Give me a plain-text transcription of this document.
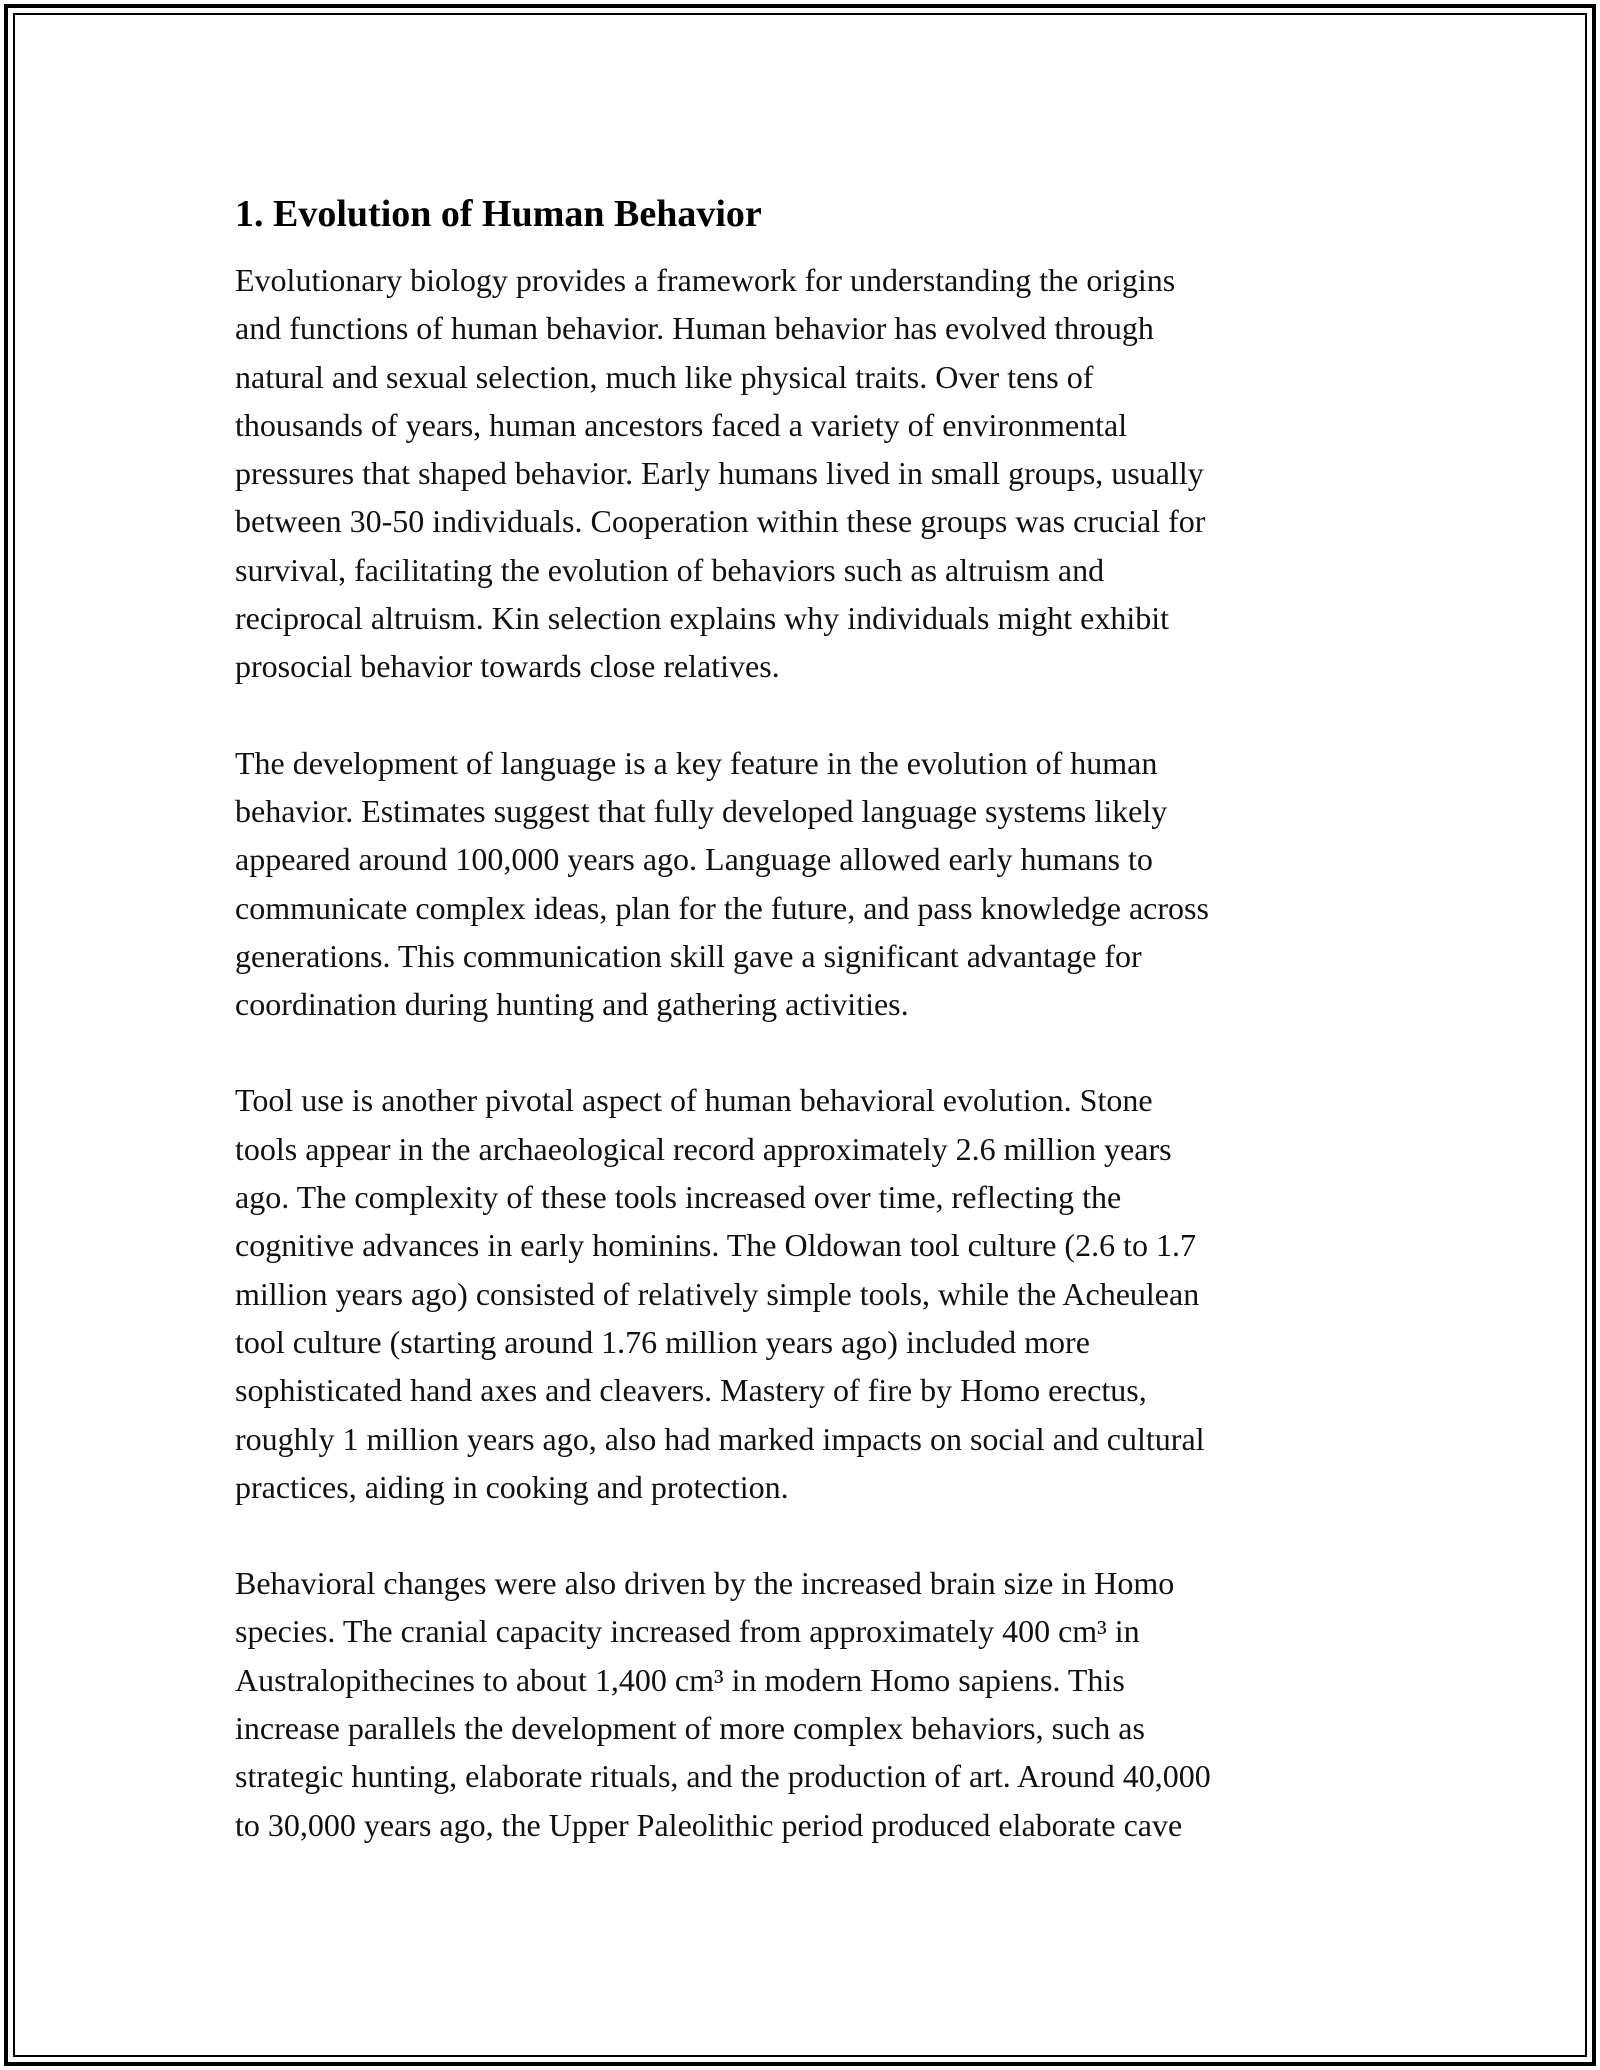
1. Evolution of Human Behavior

Evolutionary biology provides a framework for understanding the origins
and functions of human behavior. Human behavior has evolved through
natural and sexual selection, much like physical traits. Over tens of
thousands of years, human ancestors faced a variety of environmental
pressures that shaped behavior. Early humans lived in small groups, usually
between 30-50 individuals. Cooperation within these groups was crucial for
survival, facilitating the evolution of behaviors such as altruism and
reciprocal altruism. Kin selection explains why individuals might exhibit
prosocial behavior towards close relatives.

The development of language is a key feature in the evolution of human
behavior. Estimates suggest that fully developed language systems likely
appeared around 100,000 years ago. Language allowed early humans to
communicate complex ideas, plan for the future, and pass knowledge across
generations. This communication skill gave a significant advantage for
coordination during hunting and gathering activities.

Tool use is another pivotal aspect of human behavioral evolution. Stone
tools appear in the archaeological record approximately 2.6 million years
ago. The complexity of these tools increased over time, reflecting the
cognitive advances in early hominins. The Oldowan tool culture (2.6 to 1.7
million years ago) consisted of relatively simple tools, while the Acheulean
tool culture (starting around 1.76 million years ago) included more
sophisticated hand axes and cleavers. Mastery of fire by Homo erectus,
roughly 1 million years ago, also had marked impacts on social and cultural
practices, aiding in cooking and protection.

Behavioral changes were also driven by the increased brain size in Homo
species. The cranial capacity increased from approximately 400 cm³ in
Australopithecines to about 1,400 cm³ in modern Homo sapiens. This
increase parallels the development of more complex behaviors, such as
strategic hunting, elaborate rituals, and the production of art. Around 40,000
to 30,000 years ago, the Upper Paleolithic period produced elaborate cave
